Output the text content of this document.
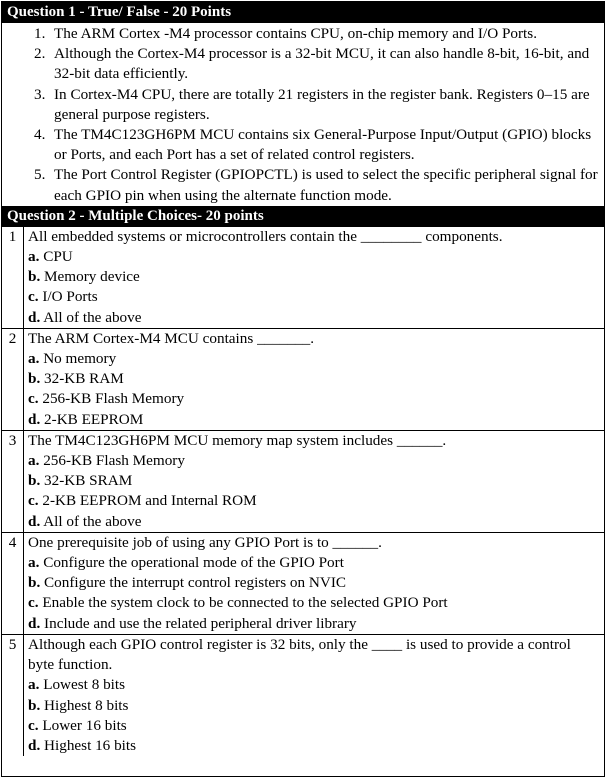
Question 1 - True/ False - 20 Points
1. The ARM Cortex -M4 processor contains CPU, on-chip memory and I/O Ports.
2. Although the Cortex-M4 processor is a 32-bit MCU, it can also handle 8-bit, 16-bit, and 32-bit data efficiently.
3. In Cortex-M4 CPU, there are totally 21 registers in the register bank. Registers 0–15 are general purpose registers.
4. The TM4C123GH6PM MCU contains six General-Purpose Input/Output (GPIO) blocks or Ports, and each Port has a set of related control registers.
5. The Port Control Register (GPIOPCTL) is used to select the specific peripheral signal for each GPIO pin when using the alternate function mode.
Question 2 - Multiple Choices- 20 points
1	All embedded systems or microcontrollers contain the ________ components.
a. CPU
b. Memory device
c. I/O Ports
d. All of the above

2	The ARM Cortex-M4 MCU contains _______.
a. No memory
b. 32-KB RAM
c. 256-KB Flash Memory
d. 2-KB EEPROM

3	The TM4C123GH6PM MCU memory map system includes ______.
a. 256-KB Flash Memory
b. 32-KB SRAM
c. 2-KB EEPROM and Internal ROM
d. All of the above

4	One prerequisite job of using any GPIO Port is to ______.
a. Configure the operational mode of the GPIO Port
b. Configure the interrupt control registers on NVIC
c. Enable the system clock to be connected to the selected GPIO Port
d. Include and use the related peripheral driver library

5	Although each GPIO control register is 32 bits, only the ____ is used to provide a control byte function.
a. Lowest 8 bits
b. Highest 8 bits
c. Lower 16 bits
d. Highest 16 bits
